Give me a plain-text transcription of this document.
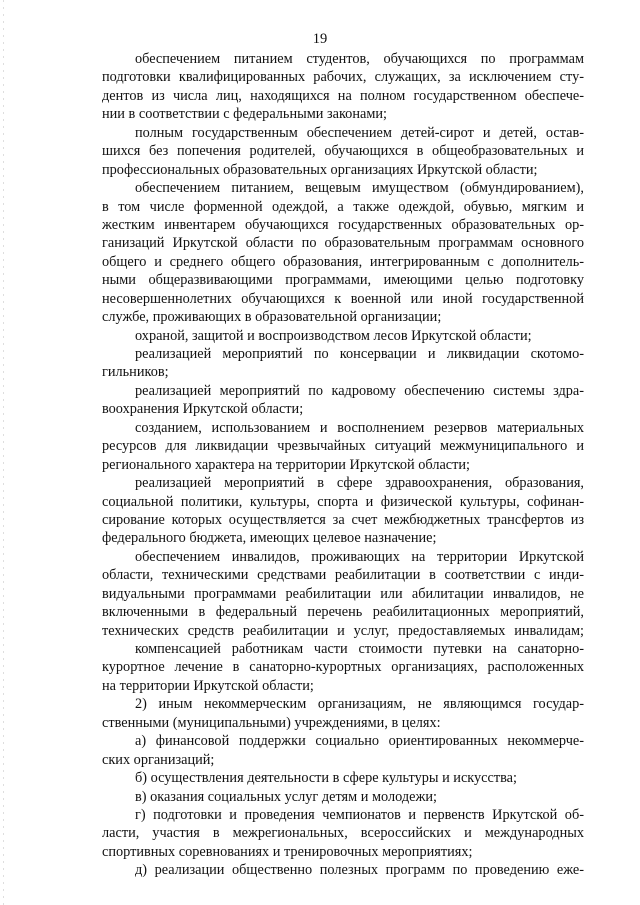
19
обеспечением питанием студентов, обучающихся по программам
подготовки квалифицированных рабочих, служащих, за исключением сту-
дентов из числа лиц, находящихся на полном государственном обеспече-
нии в соответствии с федеральными законами;
полным государственным обеспечением детей-сирот и детей, остав-
шихся без попечения родителей, обучающихся в общеобразовательных и
профессиональных образовательных организациях Иркутской области;
обеспечением питанием, вещевым имуществом (обмундированием),
в том числе форменной одеждой, а также одеждой, обувью, мягким и
жестким инвентарем обучающихся государственных образовательных ор-
ганизаций Иркутской области по образовательным программам основного
общего и среднего общего образования, интегрированным с дополнитель-
ными общеразвивающими программами, имеющими целью подготовку
несовершеннолетних обучающихся к военной или иной государственной
службе, проживающих в образовательной организации;
охраной, защитой и воспроизводством лесов Иркутской области;
реализацией мероприятий по консервации и ликвидации скотомо-
гильников;
реализацией мероприятий по кадровому обеспечению системы здра-
воохранения Иркутской области;
созданием, использованием и восполнением резервов материальных
ресурсов для ликвидации чрезвычайных ситуаций межмуниципального и
регионального характера на территории Иркутской области;
реализацией мероприятий в сфере здравоохранения, образования,
социальной политики, культуры, спорта и физической культуры, софинан-
сирование которых осуществляется за счет межбюджетных трансфертов из
федерального бюджета, имеющих целевое назначение;
обеспечением инвалидов, проживающих на территории Иркутской
области, техническими средствами реабилитации в соответствии с инди-
видуальными программами реабилитации или абилитации инвалидов, не
включенными в федеральный перечень реабилитационных мероприятий,
технических средств реабилитации и услуг, предоставляемых инвалидам;
компенсацией работникам части стоимости путевки на санаторно-
курортное лечение в санаторно-курортных организациях, расположенных
на территории Иркутской области;
2) иным некоммерческим организациям, не являющимся государ-
ственными (муниципальными) учреждениями, в целях:
а) финансовой поддержки социально ориентированных некоммерче-
ских организаций;
б) осуществления деятельности в сфере культуры и искусства;
в) оказания социальных услуг детям и молодежи;
г) подготовки и проведения чемпионатов и первенств Иркутской об-
ласти, участия в межрегиональных, всероссийских и международных
спортивных соревнованиях и тренировочных мероприятиях;
д) реализации общественно полезных программ по проведению еже-
